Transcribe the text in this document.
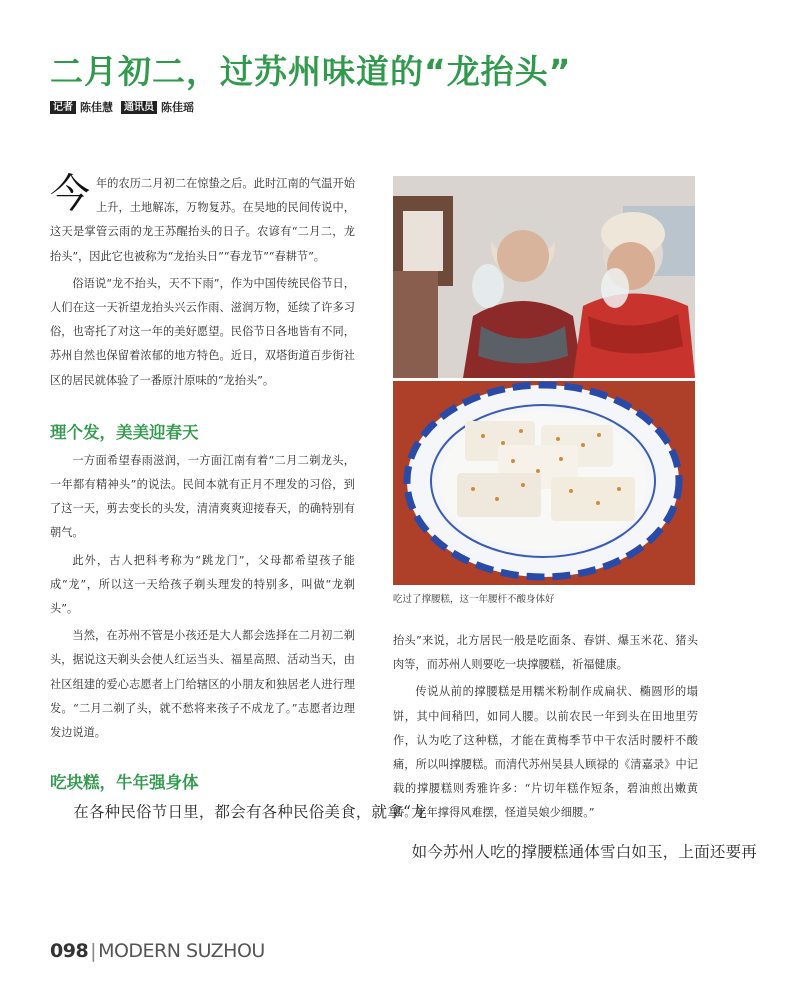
二月初二，过苏州味道的“龙抬头”
记者 陈佳慧	通讯员 陈佳瑶

今年的农历二月初二在惊蛰之后。此时江南的气温开始上升，土地解冻，万物复苏。在吴地的民间传说中，这天是掌管云雨的龙王苏醒抬头的日子。农谚有“二月二，龙抬头”，因此它也被称为“龙抬头日”“春龙节”“春耕节”。

俗语说“龙不抬头，天不下雨”，作为中国传统民俗节日，人们在这一天祈望龙抬头兴云作雨、滋润万物，延续了许多习俗，也寄托了对这一年的美好愿望。民俗节日各地皆有不同，苏州自然也保留着浓郁的地方特色。近日，双塔街道百步街社区的居民就体验了一番原汁原味的“龙抬头”。

理个发，美美迎春天

一方面希望春雨滋润，一方面江南有着“二月二剃龙头，一年都有精神头”的说法。民间本就有正月不理发的习俗，到了这一天，剪去变长的头发，清清爽爽迎接春天，的确特别有朝气。

此外，古人把科考称为“跳龙门”，父母都希望孩子能成“龙”，所以这一天给孩子剃头理发的特别多，叫做“龙剃头”。

当然，在苏州不管是小孩还是大人都会选择在二月初二剃头，据说这天剃头会使人红运当头、福星高照、活动当天，由社区组建的爱心志愿者上门给辖区的小朋友和独居老人进行理发。“二月二剃了头，就不愁将来孩子不成龙了。”志愿者边理发边说道。

吃块糕，牛年强身体

在各种民俗节日里，都会有各种民俗美食，就拿“龙

吃过了撑腰糕，这一年腰杆不酸身体好

抬头”来说，北方居民一般是吃面条、春饼、爆玉米花、猪头肉等，而苏州人则要吃一块撑腰糕，祈福健康。

传说从前的撑腰糕是用糯米粉制作成扁状、椭圆形的塌饼，其中间稍凹，如同人腰。以前农民一年到头在田地里劳作，认为吃了这种糕，才能在黄梅季节中干农活时腰杆不酸痛，所以叫撑腰糕。而清代苏州吴县人顾禄的《清嘉录》中记载的撑腰糕则秀雅许多：“片切年糕作短条，碧油煎出嫩黄娇。年年撑得风难摆，怪道吴娘少细腰。”

如今苏州人吃的撑腰糕通体雪白如玉，上面还要再

098 | MODERN SUZHOU
